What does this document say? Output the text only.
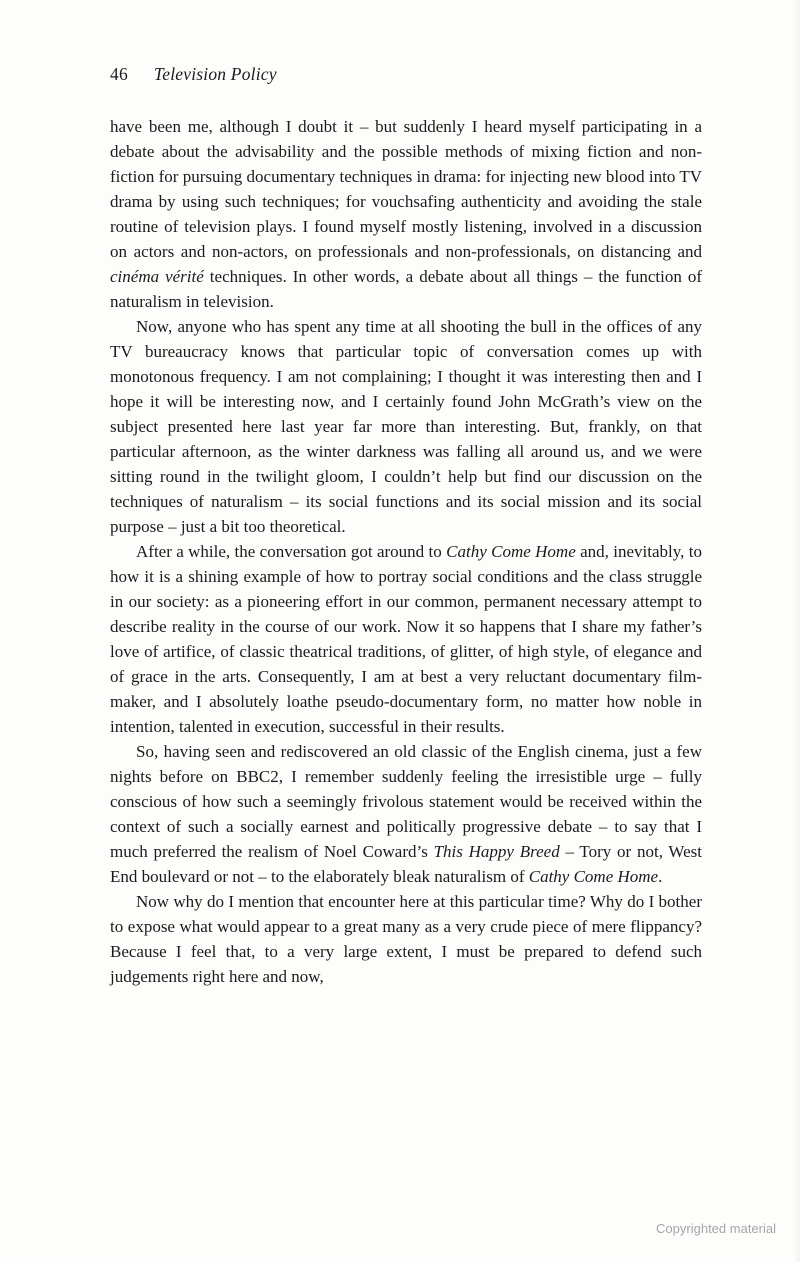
46 Television Policy

have been me, although I doubt it – but suddenly I heard myself participating in a debate about the advisability and the possible methods of mixing fiction and non-fiction for pursuing documentary techniques in drama: for injecting new blood into TV drama by using such techniques; for vouchsafing authenticity and avoiding the stale routine of television plays. I found myself mostly listening, involved in a discussion on actors and non-actors, on professionals and non-professionals, on distancing and cinéma vérité techniques. In other words, a debate about all things – the function of naturalism in television.

Now, anyone who has spent any time at all shooting the bull in the offices of any TV bureaucracy knows that particular topic of conversation comes up with monotonous frequency. I am not complaining; I thought it was interesting then and I hope it will be interesting now, and I certainly found John McGrath’s view on the subject presented here last year far more than interesting. But, frankly, on that particular afternoon, as the winter darkness was falling all around us, and we were sitting round in the twilight gloom, I couldn’t help but find our discussion on the techniques of naturalism – its social functions and its social mission and its social purpose – just a bit too theoretical.

After a while, the conversation got around to Cathy Come Home and, inevitably, to how it is a shining example of how to portray social conditions and the class struggle in our society: as a pioneering effort in our common, permanent necessary attempt to describe reality in the course of our work. Now it so happens that I share my father’s love of artifice, of classic theatrical traditions, of glitter, of high style, of elegance and of grace in the arts. Consequently, I am at best a very reluctant documentary film-maker, and I absolutely loathe pseudo-documentary form, no matter how noble in intention, talented in execution, successful in their results.

So, having seen and rediscovered an old classic of the English cinema, just a few nights before on BBC2, I remember suddenly feeling the irresistible urge – fully conscious of how such a seemingly frivolous statement would be received within the context of such a socially earnest and politically progressive debate – to say that I much preferred the realism of Noel Coward’s This Happy Breed – Tory or not, West End boulevard or not – to the elaborately bleak naturalism of Cathy Come Home.

Now why do I mention that encounter here at this particular time? Why do I bother to expose what would appear to a great many as a very crude piece of mere flippancy? Because I feel that, to a very large extent, I must be prepared to defend such judgements right here and now,

Copyrighted material
